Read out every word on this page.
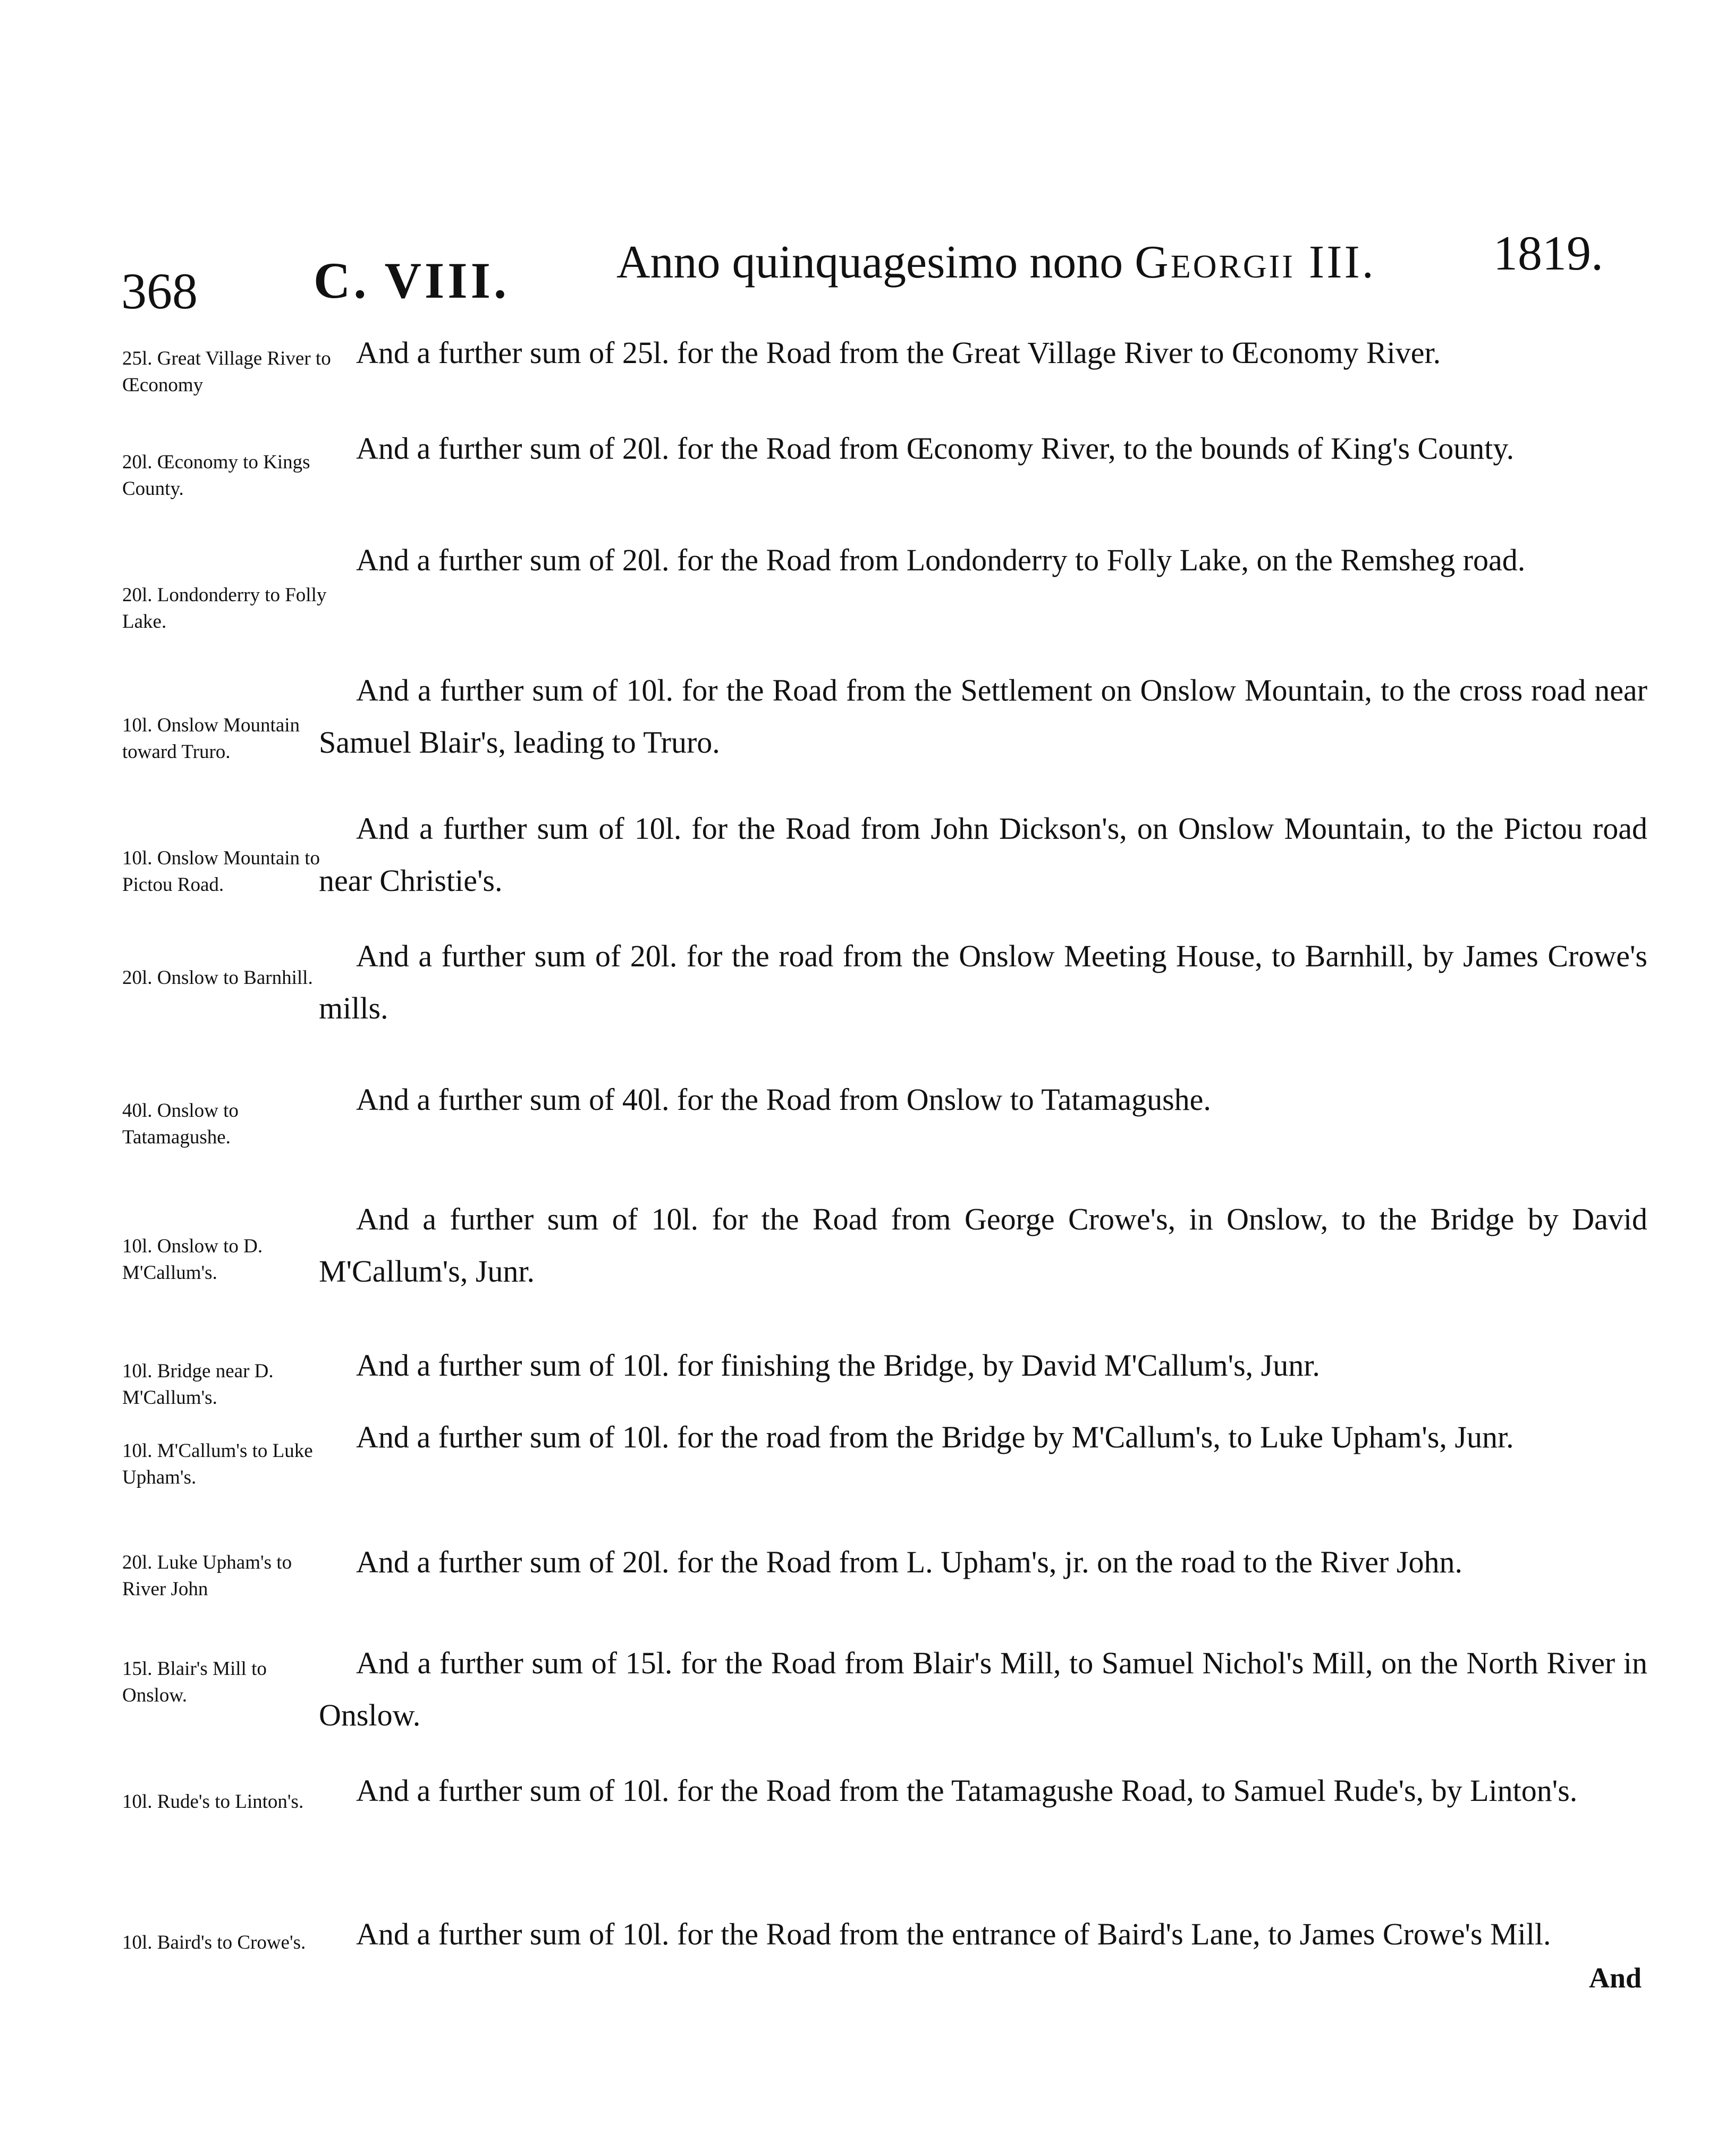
368 C. VIII. Anno quinquagesimo nono Georgii III. 1819.
25l. Great Village River to Œconomy
And a further sum of 25l. for the Road from the Great Village River to Œconomy River.
20l. Œconomy to Kings County.
And a further sum of 20l. for the Road from Œconomy River, to the bounds of King's County.
20l. Londonderry to Folly Lake.
And a further sum of 20l. for the Road from Londonderry to Folly Lake, on the Remsheg road.
10l. Onslow Mountain toward Truro.
And a further sum of 10l. for the Road from the Settlement on Onslow Mountain, to the cross road near Samuel Blair's, leading to Truro.
10l. Onslow Mountain to Pictou Road.
And a further sum of 10l. for the Road from John Dickson's, on Onslow Mountain, to the Pictou road near Christie's.
20l. Onslow to Barnhill.
And a further sum of 20l. for the road from the Onslow Meeting House, to Barnhill, by James Crowe's mills.
40l. Onslow to Tatamagushe.
And a further sum of 40l. for the Road from Onslow to Tatamagushe.
10l. Onslow to D. M'Callum's.
And a further sum of 10l. for the Road from George Crowe's, in Onslow, to the Bridge by David M'Callum's, Junr.
10l. Bridge near D. M'Callum's.
And a further sum of 10l. for finishing the Bridge, by David M'Callum's, Junr.
10l. M'Callum's to Luke Upham's.
And a further sum of 10l. for the road from the Bridge by M'Callum's, to Luke Upham's, Junr.
20l. Luke Upham's to River John
And a further sum of 20l. for the Road from L. Upham's, jr. on the road to the River John.
15l. Blair's Mill to Onslow.
And a further sum of 15l. for the Road from Blair's Mill, to Samuel Nichol's Mill, on the North River in Onslow.
10l. Rude's to Linton's.	And a further sum of 10l. for the Road from the Tatamagushe Road, to Samuel Rude's, by Linton's.
10l. Baird's to Crowe's.	And a further sum of 10l. for the Road from the entrance of Baird's Lane, to James Crowe's Mill.
And
